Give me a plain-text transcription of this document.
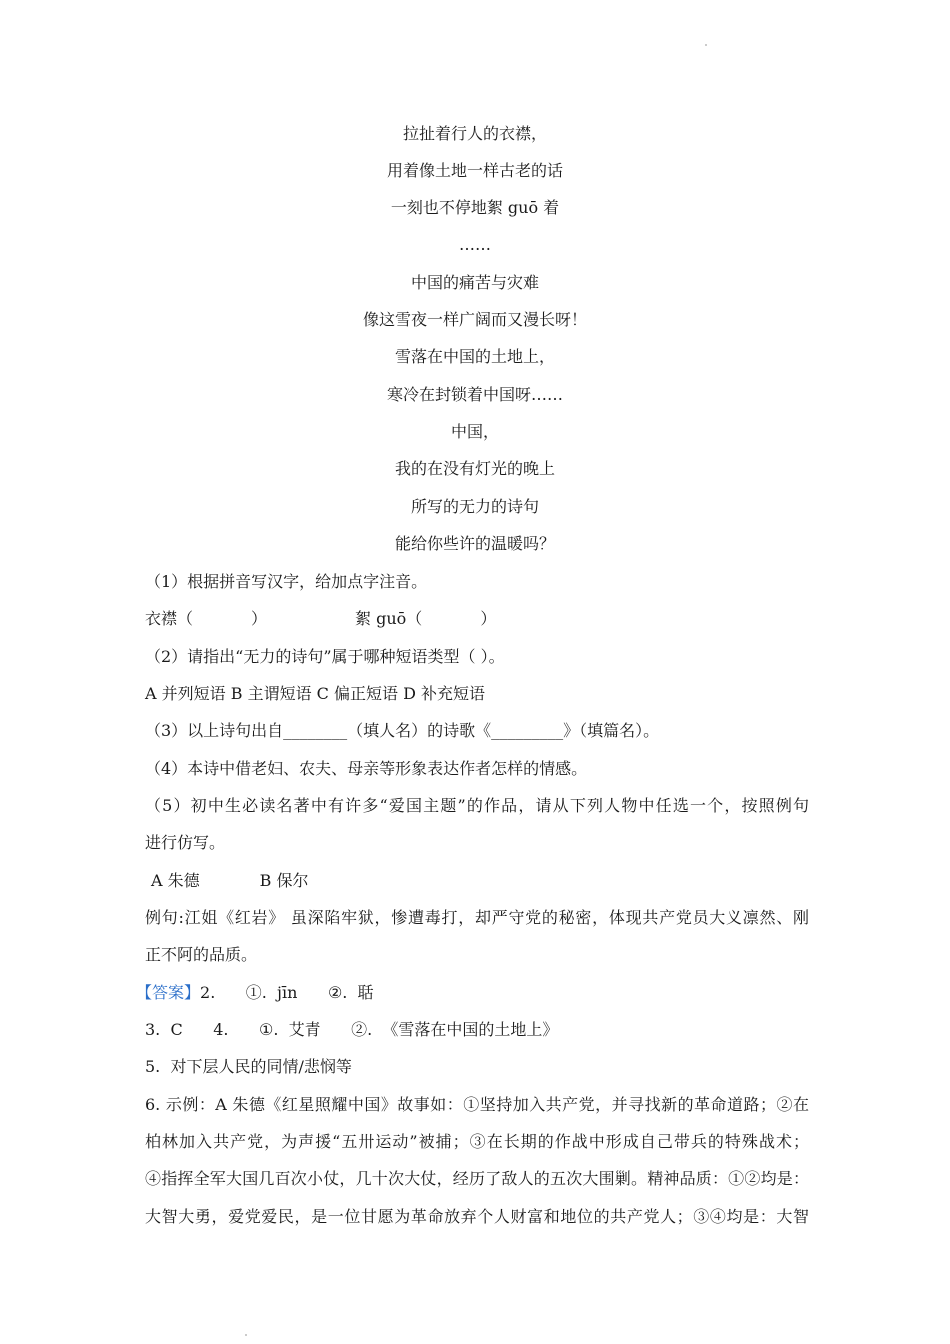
拉扯着行人的衣襟，
用着像土地一样古老的话
一刻也不停地絮 guō 着
……
中国的痛苦与灾难
像这雪夜一样广阔而又漫长呀！
雪落在中国的土地上，
寒冷在封锁着中国呀……
中国，
我的在没有灯光的晚上
所写的无力的诗句
能给你些许的温暖吗？
（1）根据拼音写汉字，给加点字注音。
衣襟（	）	絮 guō（	）
（2）请指出“无力的诗句”属于哪种短语类型（ ）。
A 并列短语 B 主谓短语 C 偏正短语 D 补充短语
（3）以上诗句出自________（填人名）的诗歌《_________》（填篇名）。
（4）本诗中借老妇、农夫、母亲等形象表达作者怎样的情感。
（5）初中生必读名著中有许多“爱国主题”的作品，请从下列人物中任选一个，按照例句
进行仿写。
A 朱德	B 保尔
例句:江姐《红岩》 虽深陷牢狱，惨遭毒打，却严守党的秘密，体现共产党员大义凛然、刚
正不阿的品质。
【答案】2.      ①.  jīn      ②.  聒
3.  C      4.      ①.  艾青      ②.  《雪落在中国的土地上》
5.  对下层人民的同情/悲悯等
6. 示例：A 朱德《红星照耀中国》故事如：①坚持加入共产党，并寻找新的革命道路；②在
柏林加入共产党，为声援“五卅运动”被捕；③在长期的作战中形成自己带兵的特殊战术；
④指挥全军大国几百次小仗，几十次大仗，经历了敌人的五次大围剿。精神品质：①②均是：
大智大勇，爱党爱民，是一位甘愿为革命放弃个人财富和地位的共产党人；③④均是：大智
